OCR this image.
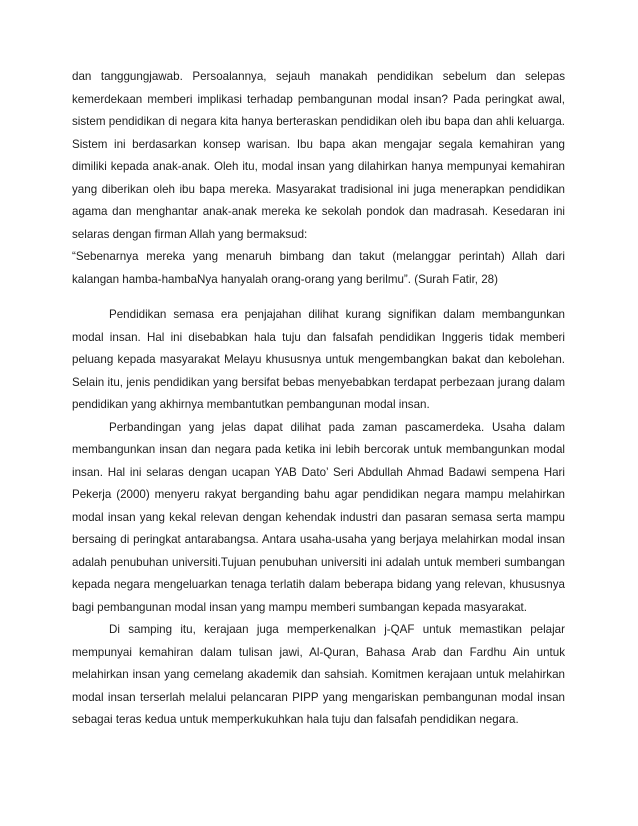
dan tanggungjawab. Persoalannya, sejauh manakah pendidikan sebelum dan selepas
kemerdekaan memberi implikasi terhadap pembangunan modal insan? Pada peringkat awal,
sistem pendidikan di negara kita hanya berteraskan pendidikan oleh ibu bapa dan ahli keluarga.
Sistem ini berdasarkan konsep warisan. Ibu bapa akan mengajar segala kemahiran yang
dimiliki kepada anak-anak. Oleh itu, modal insan yang dilahirkan hanya mempunyai kemahiran
yang diberikan oleh ibu bapa mereka. Masyarakat tradisional ini juga menerapkan pendidikan
agama dan menghantar anak-anak mereka ke sekolah pondok dan madrasah. Kesedaran ini
selaras dengan firman Allah yang bermaksud:
“Sebenarnya mereka yang menaruh bimbang dan takut (melanggar perintah) Allah dari
kalangan hamba-hambaNya hanyalah orang-orang yang berilmu”. (Surah Fatir, 28)
Pendidikan semasa era penjajahan dilihat kurang signifikan dalam membangunkan
modal insan. Hal ini disebabkan hala tuju dan falsafah pendidikan Inggeris tidak memberi
peluang kepada masyarakat Melayu khususnya untuk mengembangkan bakat dan kebolehan.
Selain itu, jenis pendidikan yang bersifat bebas menyebabkan terdapat perbezaan jurang dalam
pendidikan yang akhirnya membantutkan pembangunan modal insan.
Perbandingan yang jelas dapat dilihat pada zaman pascamerdeka. Usaha dalam
membangunkan insan dan negara pada ketika ini lebih bercorak untuk membangunkan modal
insan. Hal ini selaras dengan ucapan YAB Dato’ Seri Abdullah Ahmad Badawi sempena Hari
Pekerja (2000) menyeru rakyat berganding bahu agar pendidikan negara mampu melahirkan
modal insan yang kekal relevan dengan kehendak industri dan pasaran semasa serta mampu
bersaing di peringkat antarabangsa. Antara usaha-usaha yang berjaya melahirkan modal insan
adalah penubuhan universiti.Tujuan penubuhan universiti ini adalah untuk memberi sumbangan
kepada negara mengeluarkan tenaga terlatih dalam beberapa bidang yang relevan, khususnya
bagi pembangunan modal insan yang mampu memberi sumbangan kepada masyarakat.
Di samping itu, kerajaan juga memperkenalkan j-QAF untuk memastikan pelajar
mempunyai kemahiran dalam tulisan jawi, Al-Quran, Bahasa Arab dan Fardhu Ain untuk
melahirkan insan yang cemelang akademik dan sahsiah. Komitmen kerajaan untuk melahirkan
modal insan terserlah melalui pelancaran PIPP yang mengariskan pembangunan modal insan
sebagai teras kedua untuk memperkukuhkan hala tuju dan falsafah pendidikan negara.
